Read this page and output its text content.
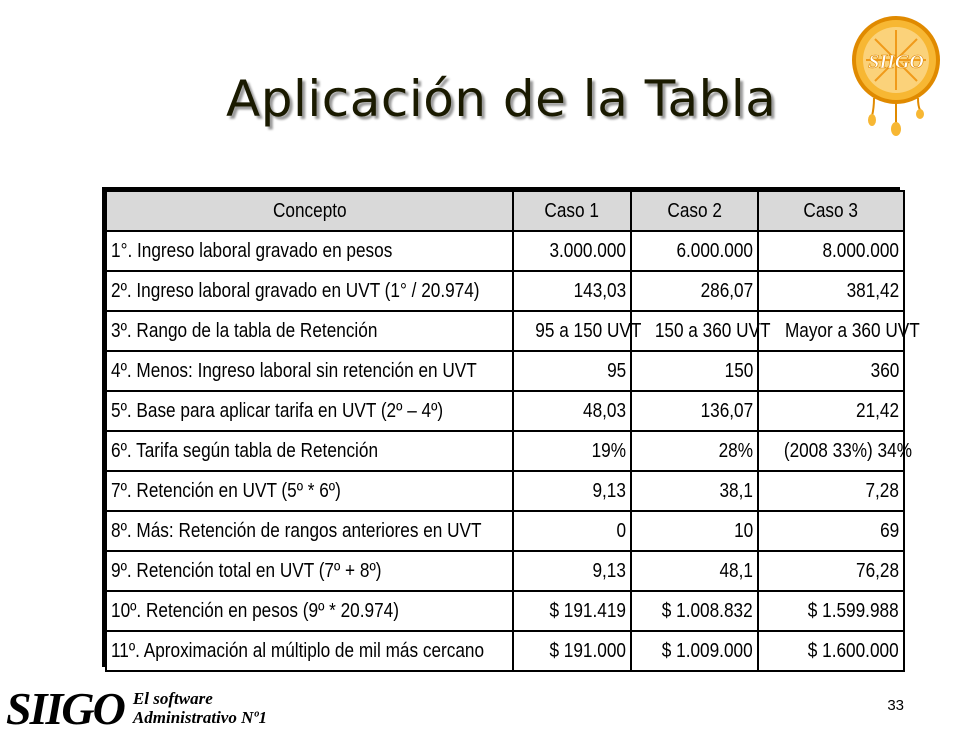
Aplicación de la Tabla
SIIGO
Concepto	Caso 1	Caso 2	Caso 3
1°. Ingreso laboral gravado en pesos	3.000.000	6.000.000	8.000.000
2º. Ingreso laboral gravado en UVT (1° / 20.974)	143,03	286,07	381,42
3º. Rango de la tabla de Retención	95 a 150 UVT	150 a 360 UVT	Mayor a 360 UVT
4º. Menos: Ingreso laboral sin retención en UVT	95	150	360
5º. Base para aplicar tarifa en UVT (2º – 4º)	48,03	136,07	21,42
6º. Tarifa según tabla de Retención	19%	28%	(2008 33%) 34%
7º. Retención en UVT (5º * 6º)	9,13	38,1	7,28
8º. Más: Retención de rangos anteriores en UVT	0	10	69
9º. Retención total en UVT (7º + 8º)	9,13	48,1	76,28
10º. Retención en pesos (9º * 20.974)	$ 191.419	$ 1.008.832	$ 1.599.988
11º. Aproximación al múltiplo de mil más cercano	$ 191.000	$ 1.009.000	$ 1.600.000
SIIGO El software
Administrativo Nº1
33
